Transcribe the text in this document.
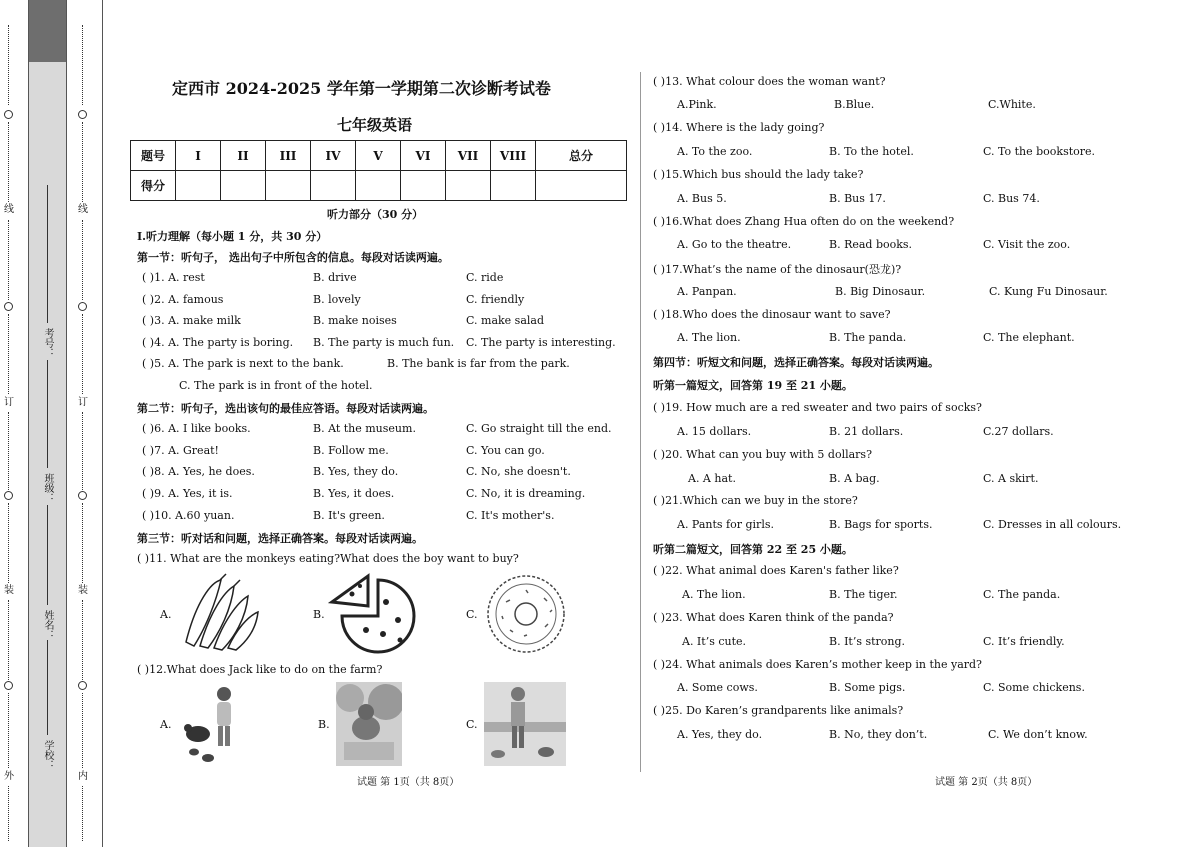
线
订
装
外
线
订
装
内
学校：
姓名：
班级：
考号：
定西市 2024-2025 学年第一学期第二次诊断考试卷
七年级英语
题号	I	II	III	IV	V	VI	VII	VIII	总分
得分									
听力部分（30 分）
I.听力理解（每小题 1 分，共 30 分）
第一节：听句子， 选出句子中所包含的信息。每段对话读两遍。
( )1. A. rest	B. drive	C. ride
( )2. A. famous	B. lovely	C. friendly
( )3. A. make milk	B. make noises	C. make salad
( )4. A. The party is boring. B. The party is much fun. C. The party is interesting.
( )5. A. The park is next to the bank.	B. The bank is far from the park.
C. The park is in front of the hotel.
第二节：听句子，选出该句的最佳应答语。每段对话读两遍。
( )6. A. I like books.	B. At the museum.	C. Go straight till the end.
( )7. A. Great!	B. Follow me.	C. You can go.
( )8. A. Yes, he does.	B. Yes, they do.	C. No, she doesn't.
( )9. A. Yes, it is.	B. Yes, it does.	C. No, it is dreaming.
( )10. A.60 yuan.	B. It's green.	C. It's mother's.
第三节：听对话和问题，选择正确答案。每段对话读两遍。
( )11. What are the monkeys eating?What does the boy want to buy?
A.	B.	C.
( )12.What does Jack like to do on the farm?
A.	B.	C.
试题 第 1页（共 8页）
( )13. What colour does the woman want?
A.Pink.	B.Blue.	C.White.
( )14. Where is the lady going?
A. To the zoo.	B. To the hotel.	C. To the bookstore.
( )15.Which bus should the lady take?
A. Bus 5.	B. Bus 17.	C. Bus 74.
( )16.What does Zhang Hua often do on the weekend?
A. Go to the theatre.	B. Read books.	C. Visit the zoo.
( )17.What’s the name of the dinosaur(恐龙)?
A. Panpan.	B. Big Dinosaur.	C. Kung Fu Dinosaur.
( )18.Who does the dinosaur want to save?
A. The lion.	B. The panda.	C. The elephant.
第四节：听短文和问题，选择正确答案。每段对话读两遍。
听第一篇短文，回答第 19 至 21 小题。
( )19. How much are a red sweater and two pairs of socks?
A. 15 dollars.	B. 21 dollars.	C.27 dollars.
( )20. What can you buy with 5 dollars?
A. A hat.	B. A bag.	C. A skirt.
( )21.Which can we buy in the store?
A. Pants for girls.	B. Bags for sports.	C. Dresses in all colours.
听第二篇短文，回答第 22 至 25 小题。
( )22. What animal does Karen's father like?
A. The lion.	B. The tiger.	C. The panda.
( )23. What does Karen think of the panda?
A. It’s cute.	B. It’s strong.	C. It’s friendly.
( )24. What animals does Karen’s mother keep in the yard?
A. Some cows.	B. Some pigs.	C. Some chickens.
( )25. Do Karen’s grandparents like animals?
A. Yes, they do.	B. No, they don’t.	C. We don’t know.
试题 第 2页（共 8页）
